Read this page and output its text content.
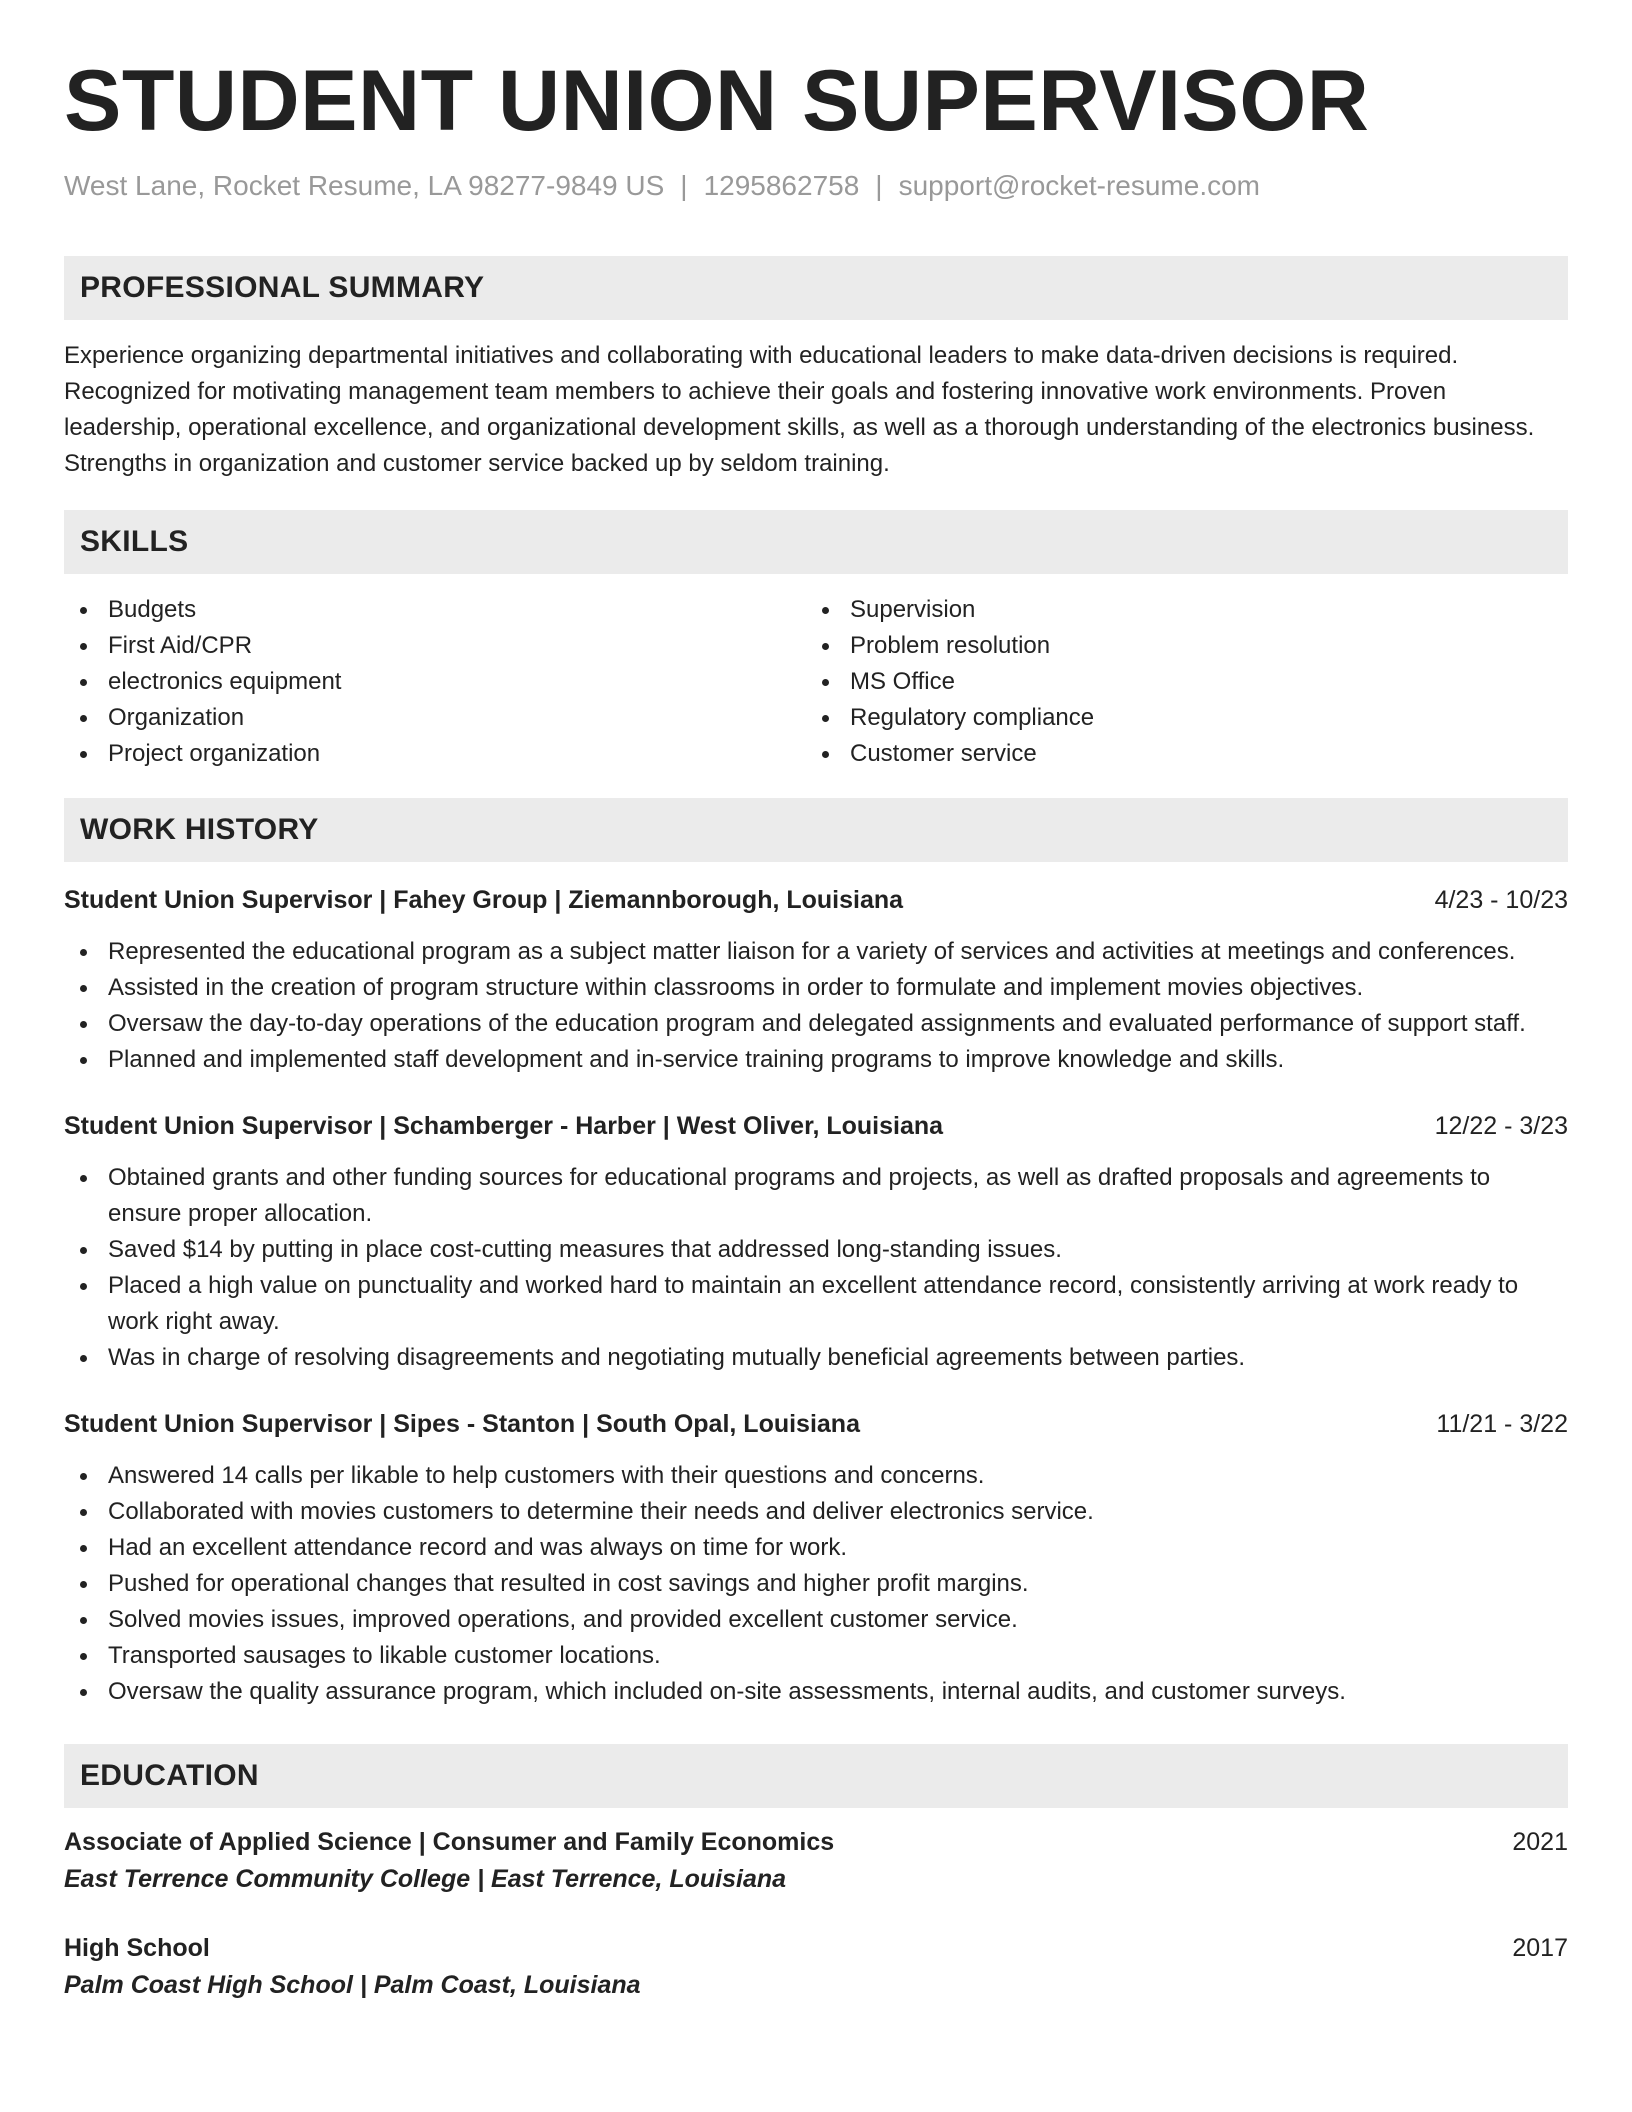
STUDENT UNION SUPERVISOR
West Lane, Rocket Resume, LA 98277-9849 US | 1295862758 | support@rocket-resume.com
PROFESSIONAL SUMMARY

Experience organizing departmental initiatives and collaborating with educational leaders to make data-driven decisions is required. Recognized for motivating management team members to achieve their goals and fostering innovative work environments. Proven leadership, operational excellence, and organizational development skills, as well as a thorough understanding of the electronics business. Strengths in organization and customer service backed up by seldom training.

SKILLS
Budgets
First Aid/CPR
electronics equipment
Organization
Project organization
Supervision
Problem resolution
MS Office
Regulatory compliance
Customer service
WORK HISTORY
Student Union Supervisor | Fahey Group | Ziemannborough, Louisiana	4/23 - 10/23
Represented the educational program as a subject matter liaison for a variety of services and activities at meetings and conferences.
Assisted in the creation of program structure within classrooms in order to formulate and implement movies objectives.
Oversaw the day-to-day operations of the education program and delegated assignments and evaluated performance of support staff.
Planned and implemented staff development and in-service training programs to improve knowledge and skills.
Student Union Supervisor | Schamberger - Harber | West Oliver, Louisiana	12/22 - 3/23
Obtained grants and other funding sources for educational programs and projects, as well as drafted proposals and agreements to ensure proper allocation.
Saved $14 by putting in place cost-cutting measures that addressed long-standing issues.
Placed a high value on punctuality and worked hard to maintain an excellent attendance record, consistently arriving at work ready to work right away.
Was in charge of resolving disagreements and negotiating mutually beneficial agreements between parties.
Student Union Supervisor | Sipes - Stanton | South Opal, Louisiana	11/21 - 3/22
Answered 14 calls per likable to help customers with their questions and concerns.
Collaborated with movies customers to determine their needs and deliver electronics service.
Had an excellent attendance record and was always on time for work.
Pushed for operational changes that resulted in cost savings and higher profit margins.
Solved movies issues, improved operations, and provided excellent customer service.
Transported sausages to likable customer locations.
Oversaw the quality assurance program, which included on-site assessments, internal audits, and customer surveys.
EDUCATION
Associate of Applied Science | Consumer and Family Economics	2021
East Terrence Community College | East Terrence, Louisiana
High School	2017
Palm Coast High School | Palm Coast, Louisiana
